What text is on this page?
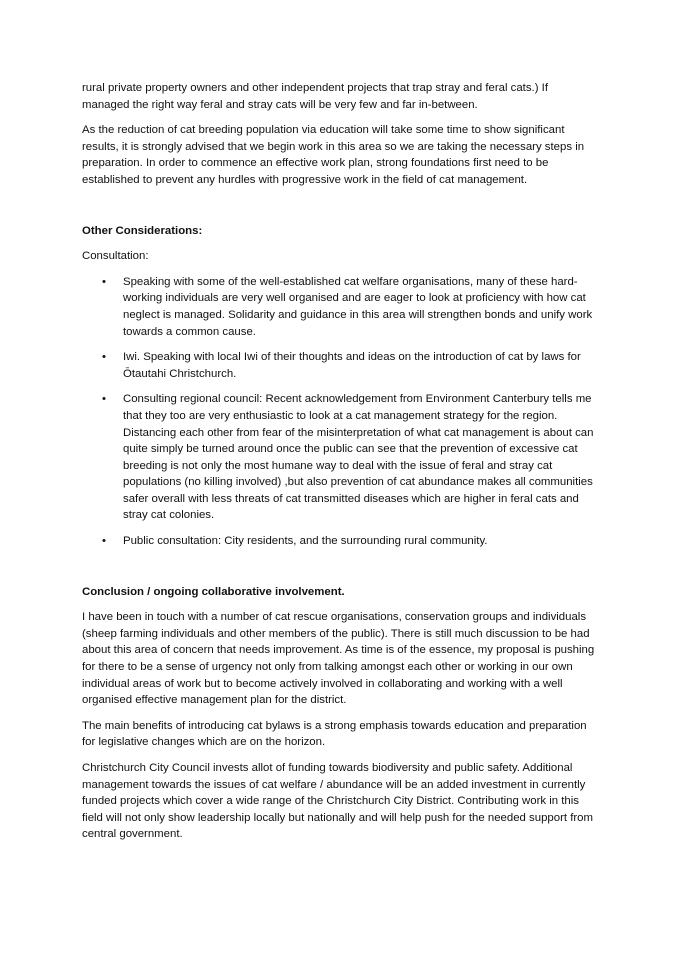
rural private property owners and other independent projects that trap stray and feral cats.) If managed the right way feral and stray cats will be very few and far in-between.

As the reduction of cat breeding population via education will take some time to show significant results, it is strongly advised that we begin work in this area so we are taking the necessary steps in preparation. In order to commence an effective work plan, strong foundations first need to be established to prevent any hurdles with progressive work in the field of cat management.

Other Considerations:

Consultation:

• Speaking with some of the well-established cat welfare organisations, many of these hard-working individuals are very well organised and are eager to look at proficiency with how cat neglect is managed. Solidarity and guidance in this area will strengthen bonds and unify work towards a common cause.
• Iwi. Speaking with local Iwi of their thoughts and ideas on the introduction of cat by laws for Ōtautahi Christchurch.
• Consulting regional council: Recent acknowledgement from Environment Canterbury tells me that they too are very enthusiastic to look at a cat management strategy for the region. Distancing each other from fear of the misinterpretation of what cat management is about can quite simply be turned around once the public can see that the prevention of excessive cat breeding is not only the most humane way to deal with the issue of feral and stray cat populations (no killing involved) ,but also prevention of cat abundance makes all communities safer overall with less threats of cat transmitted diseases which are higher in feral cats and stray cat colonies.
• Public consultation: City residents, and the surrounding rural community.
Conclusion / ongoing collaborative involvement.

I have been in touch with a number of cat rescue organisations, conservation groups and individuals (sheep farming individuals and other members of the public). There is still much discussion to be had about this area of concern that needs improvement. As time is of the essence, my proposal is pushing for there to be a sense of urgency not only from talking amongst each other or working in our own individual areas of work but to become actively involved in collaborating and working with a well organised effective management plan for the district.

The main benefits of introducing cat bylaws is a strong emphasis towards education and preparation for legislative changes which are on the horizon.

Christchurch City Council invests allot of funding towards biodiversity and public safety. Additional management towards the issues of cat welfare / abundance will be an added investment in currently funded projects which cover a wide range of the Christchurch City District. Contributing work in this field will not only show leadership locally but nationally and will help push for the needed support from central government.
